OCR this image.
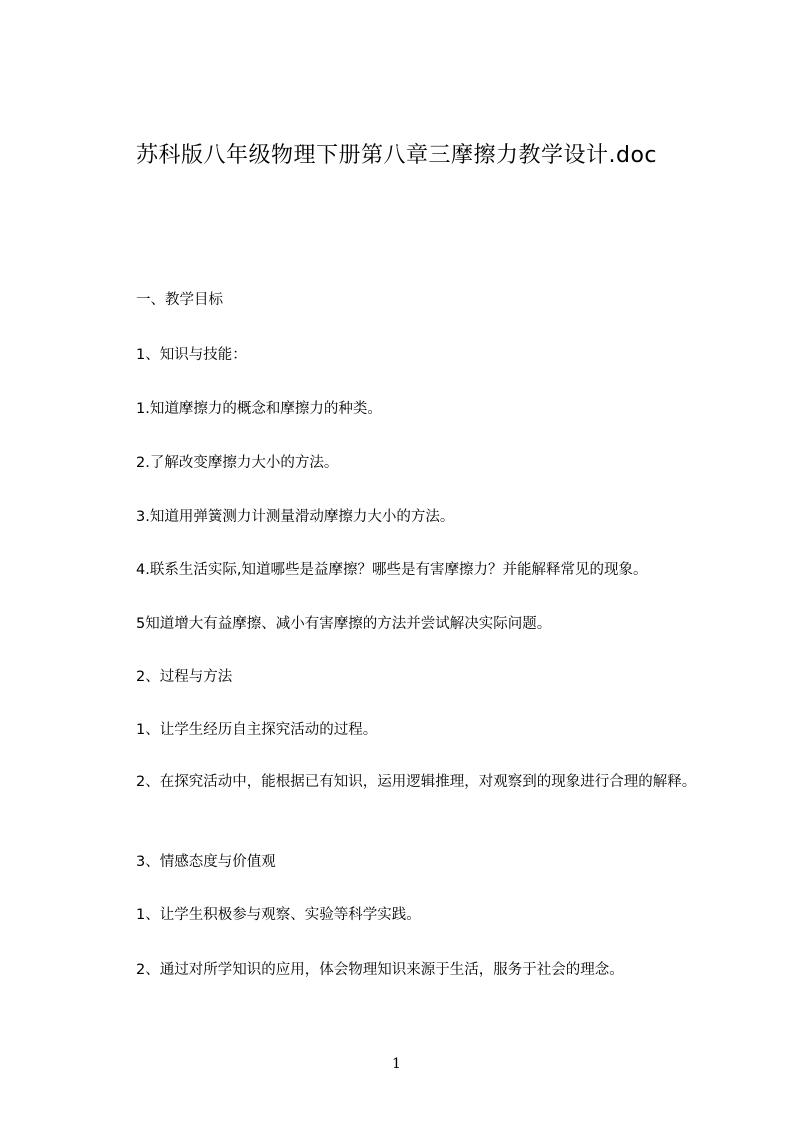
苏科版八年级物理下册第八章三摩擦力教学设计.doc
一、教学目标
1、知识与技能：
1.知道摩擦力的概念和摩擦力的种类。
2.了解改变摩擦力大小的方法。
3.知道用弹簧测力计测量滑动摩擦力大小的方法。
4.联系生活实际,知道哪些是益摩擦？哪些是有害摩擦力？并能解释常见的现象。
5知道增大有益摩擦、减小有害摩擦的方法并尝试解决实际问题。
2、过程与方法
1、让学生经历自主探究活动的过程。
2、在探究活动中，能根据已有知识，运用逻辑推理，对观察到的现象进行合理的解释。
3、情感态度与价值观
1、让学生积极参与观察、实验等科学实践。
2、通过对所学知识的应用，体会物理知识来源于生活，服务于社会的理念。
1
